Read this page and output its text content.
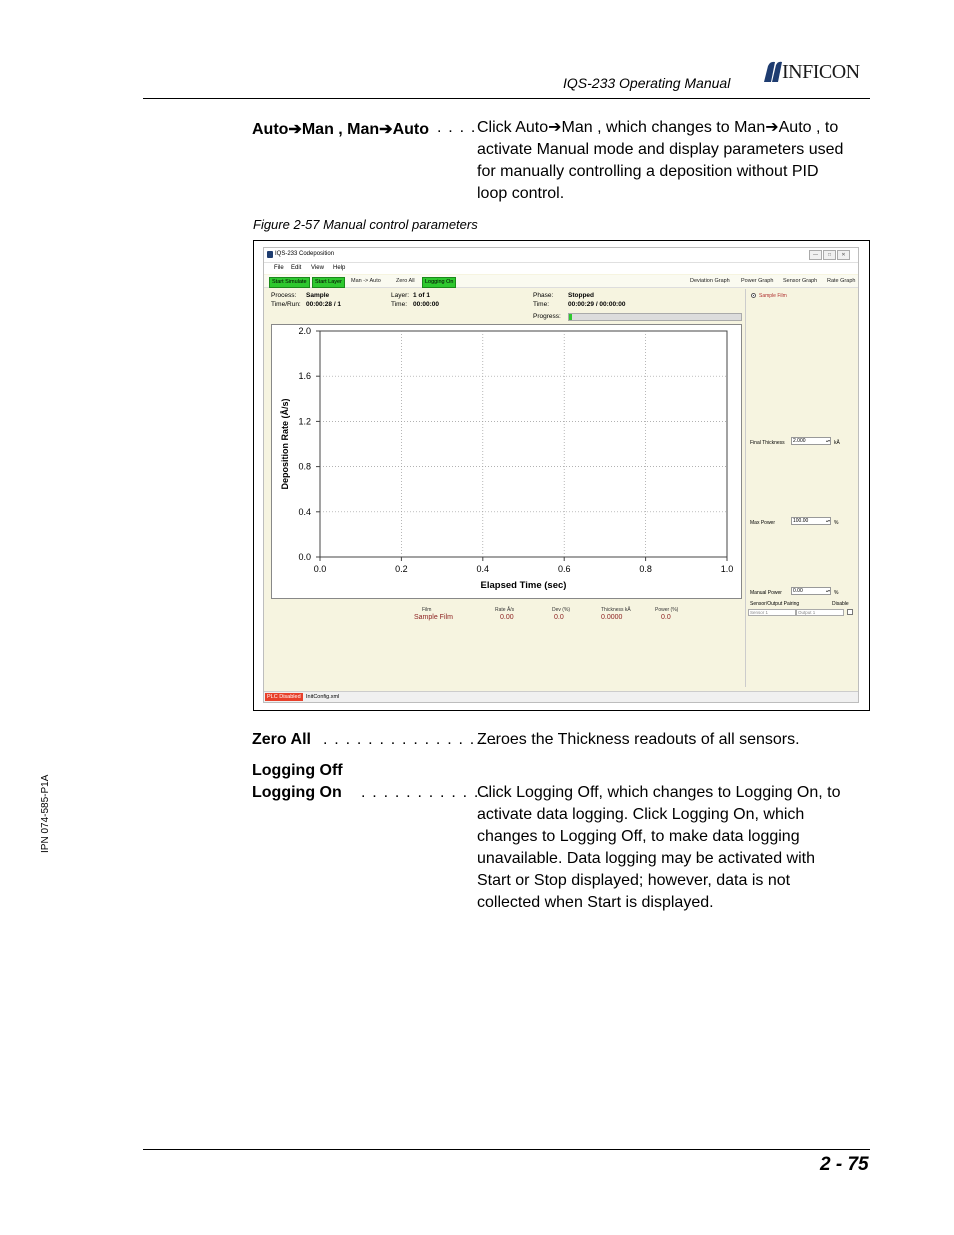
IQS-233 Operating Manual	INFICON
Auto➔Man , Man➔Auto . . . . Click Auto➔Man , which changes to Man➔Auto , to
activate Manual mode and display parameters used
for manually controlling a deposition without PID
loop control.
Figure 2-57 Manual control parameters
IQS-233 Codeposition	—	□	✕
File Edit View Help
Start Simulate	Start Layer	Man -> Auto	Zero All	Logging On	Deviation Graph	Power Graph	Sensor Graph	Rate Graph
Process: Sample
Time/Run: 00:00:28 / 1
Layer: 1 of 1
Time: 00:00:00
Phase: Stopped
Time:	00:00:29 / 00:00:00
Progress:
0.0	0.2	0.4	0.6	0.8	1.0
0.0
0.4
0.8
1.2
1.6
2.0
Elapsed Time (sec)
Deposition Rate (Å/s)
Film	Rate Å/s	Dev (%)	Thickness kÅ	Power (%)
Sample Film	0.00	0.0	0.0000	0.0
Sample Film
Final Thickness	2.000 ▴▾	kÅ
Max Power	100.00 ▴▾	%
Manual Power	0.00 ▴▾	%
Sensor/Output Pairing	Disable
Sensor 1	Output 1
PLC Disabled InitConfig.xml
Zero All . . . . . . . . . . . . . . . .
Zeroes the Thickness readouts of all sensors.
Logging Off
Logging On . . . . . . . . . . . .
Click Logging Off, which changes to Logging On, to
activate data logging. Click Logging On, which
changes to Logging Off, to make data logging
unavailable. Data logging may be activated with
Start or Stop displayed; however, data is not
collected when Start is displayed.
IPN 074-585-P1A
2 - 75
